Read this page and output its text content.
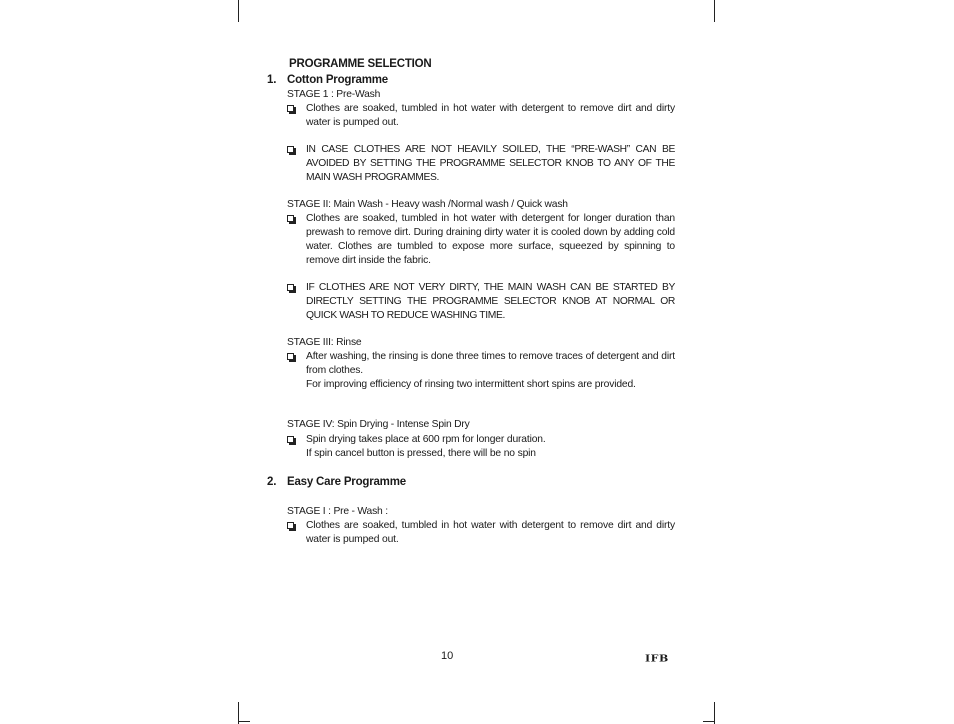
PROGRAMME SELECTION
1. Cotton Programme
STAGE 1 : Pre-Wash
Clothes are soaked, tumbled in hot water with detergent to remove dirt and dirty water is pumped out.
IN CASE CLOTHES ARE NOT HEAVILY SOILED, THE “PRE-WASH” CAN BE AVOIDED BY SETTING THE PROGRAMME SELECTOR KNOB TO ANY OF THE MAIN WASH PROGRAMMES.
STAGE II: Main Wash - Heavy wash /Normal wash / Quick wash
Clothes are soaked, tumbled in hot water with detergent for longer duration than prewash to remove dirt. During draining dirty water it is cooled down by adding cold water. Clothes are tumbled to expose more surface, squeezed by spinning to remove dirt inside the fabric.
IF CLOTHES ARE NOT VERY DIRTY, THE MAIN WASH CAN BE STARTED BY DIRECTLY SETTING THE PROGRAMME SELECTOR KNOB AT NORMAL OR QUICK WASH TO REDUCE WASHING TIME.
STAGE III: Rinse

After washing, the rinsing is done three times to remove traces of detergent and dirt from clothes.

For improving efficiency of rinsing two intermittent short spins are provided.

STAGE IV: Spin Drying - Intense Spin Dry

Spin drying takes place at 600 rpm for longer duration.

If spin cancel button is pressed, there will be no spin

2. Easy Care Programme
STAGE I : Pre - Wash :
Clothes are soaked, tumbled in hot water with detergent to remove dirt and dirty water is pumped out.
10	IFB
